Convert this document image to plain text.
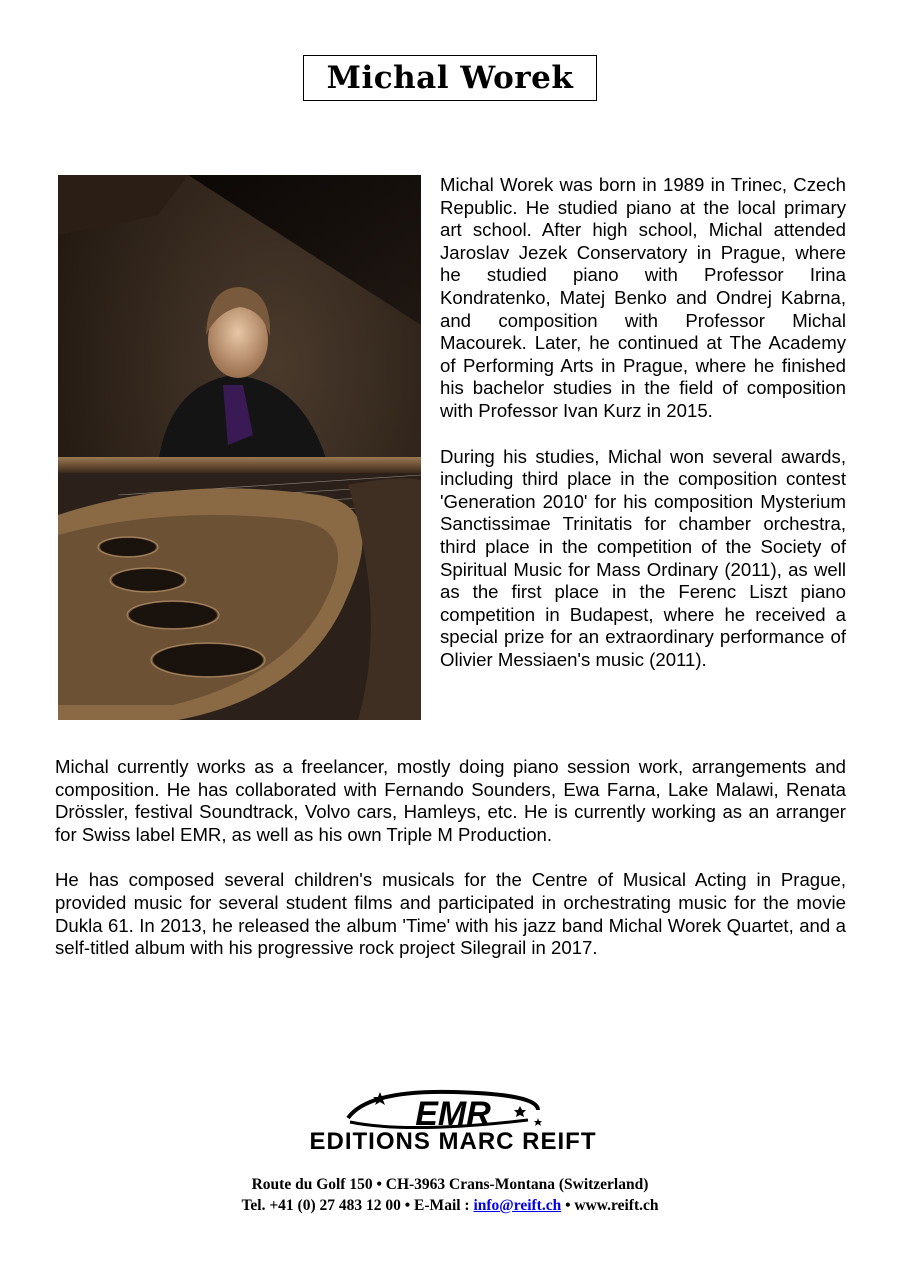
Michal Worek

Michal Worek was born in 1989 in Trinec, Czech Republic. He studied piano at the local primary art school. After high school, Michal attended Jaroslav Jezek Conservatory in Prague, where he studied piano with Professor Irina Kondratenko, Matej Benko and Ondrej Kabrna, and composition with Professor Michal Macourek. Later, he continued at The Academy of Performing Arts in Prague, where he finished his bachelor studies in the field of composition with Professor Ivan Kurz in 2015.

During his studies, Michal won several awards, including third place in the composition contest 'Generation 2010' for his composition Mysterium Sanctissimae Trinitatis for chamber orchestra, third place in the competition of the Society of Spiritual Music for Mass Ordinary (2011), as well as the first place in the Ferenc Liszt piano competition in Budapest, where he received a special prize for an extraordinary performance of Olivier Messiaen's music (2011).

Michal currently works as a freelancer, mostly doing piano session work, arrangements and composition. He has collaborated with Fernando Sounders, Ewa Farna, Lake Malawi, Renata Drössler, festival Soundtrack, Volvo cars, Hamleys, etc. He is currently working as an arranger for Swiss label EMR, as well as his own Triple M Production.

He has composed several children's musicals for the Centre of Musical Acting in Prague, provided music for several student films and participated in orchestrating music for the movie Dukla 61. In 2013, he released the album 'Time' with his jazz band Michal Worek Quartet, and a self-titled album with his progressive rock project Silegrail in 2017.

EMR
EDITIONS MARC REIFT
Route du Golf 150 • CH-3963 Crans-Montana (Switzerland)
Tel. +41 (0) 27 483 12 00 • E-Mail : info@reift.ch • www.reift.ch
